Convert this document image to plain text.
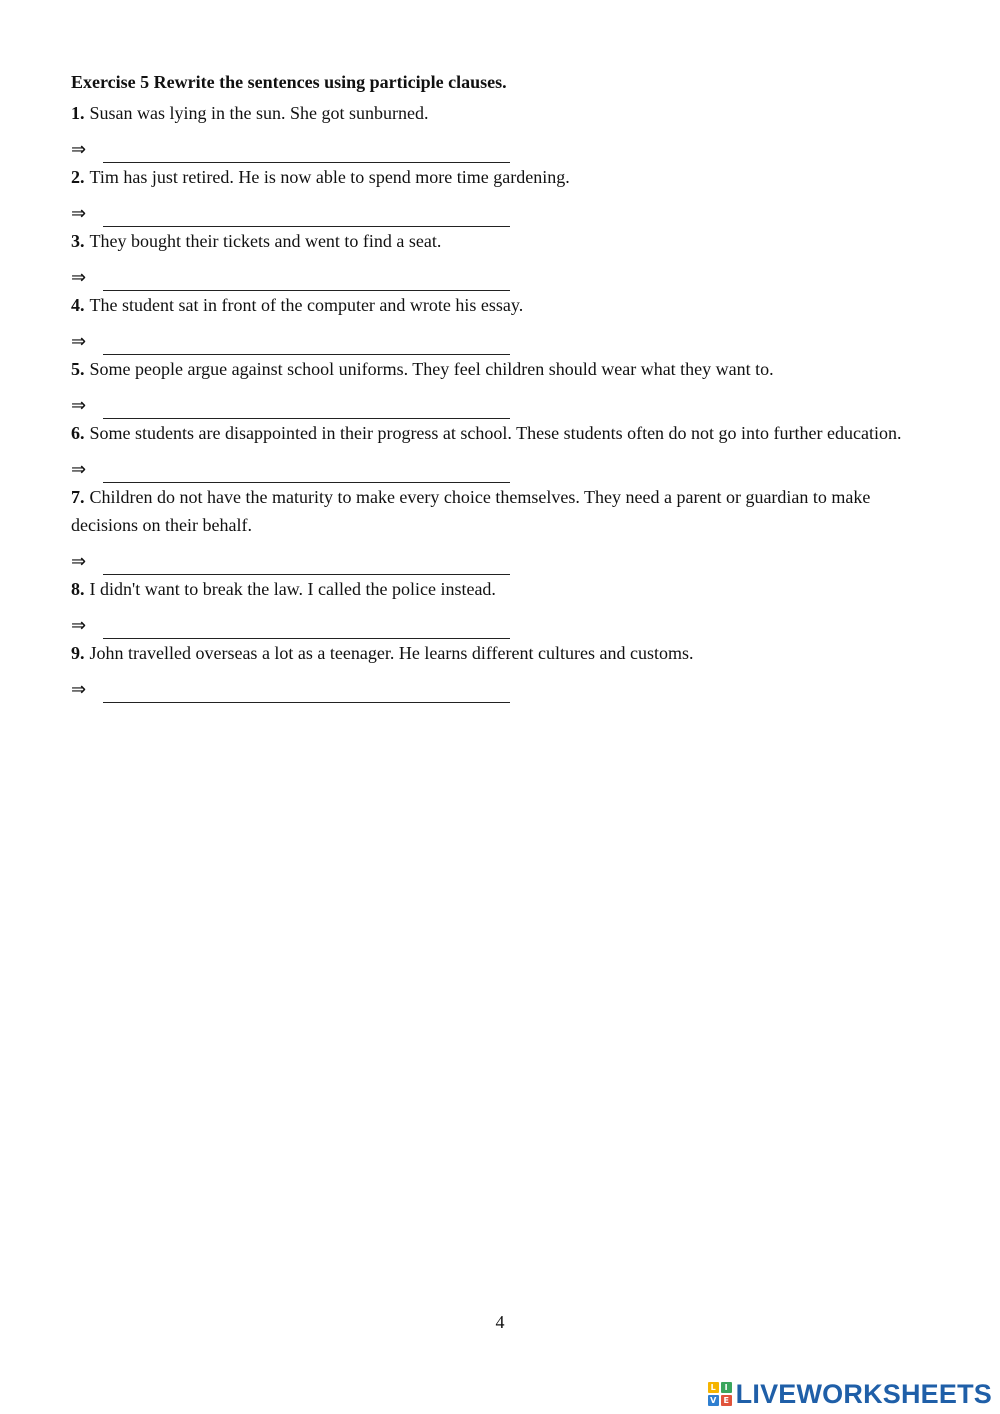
Exercise 5 Rewrite the sentences using participle clauses.

1. Susan was lying in the sun. She got sunburned.

⇒

2. Tim has just retired. He is now able to spend more time gardening.

⇒

3. They bought their tickets and went to find a seat.

⇒

4. The student sat in front of the computer and wrote his essay.

⇒

5. Some people argue against school uniforms. They feel children should wear what they want to.

⇒

6. Some students are disappointed in their progress at school. These students often do not go into further education.

⇒

7. Children do not have the maturity to make every choice themselves. They need a parent or guardian to make decisions on their behalf.

⇒

8. I didn't want to break the law. I called the police instead.

⇒

9. John travelled overseas a lot as a teenager. He learns different cultures and customs.

⇒
4
L	I
V E LIVEWORKSHEETS
